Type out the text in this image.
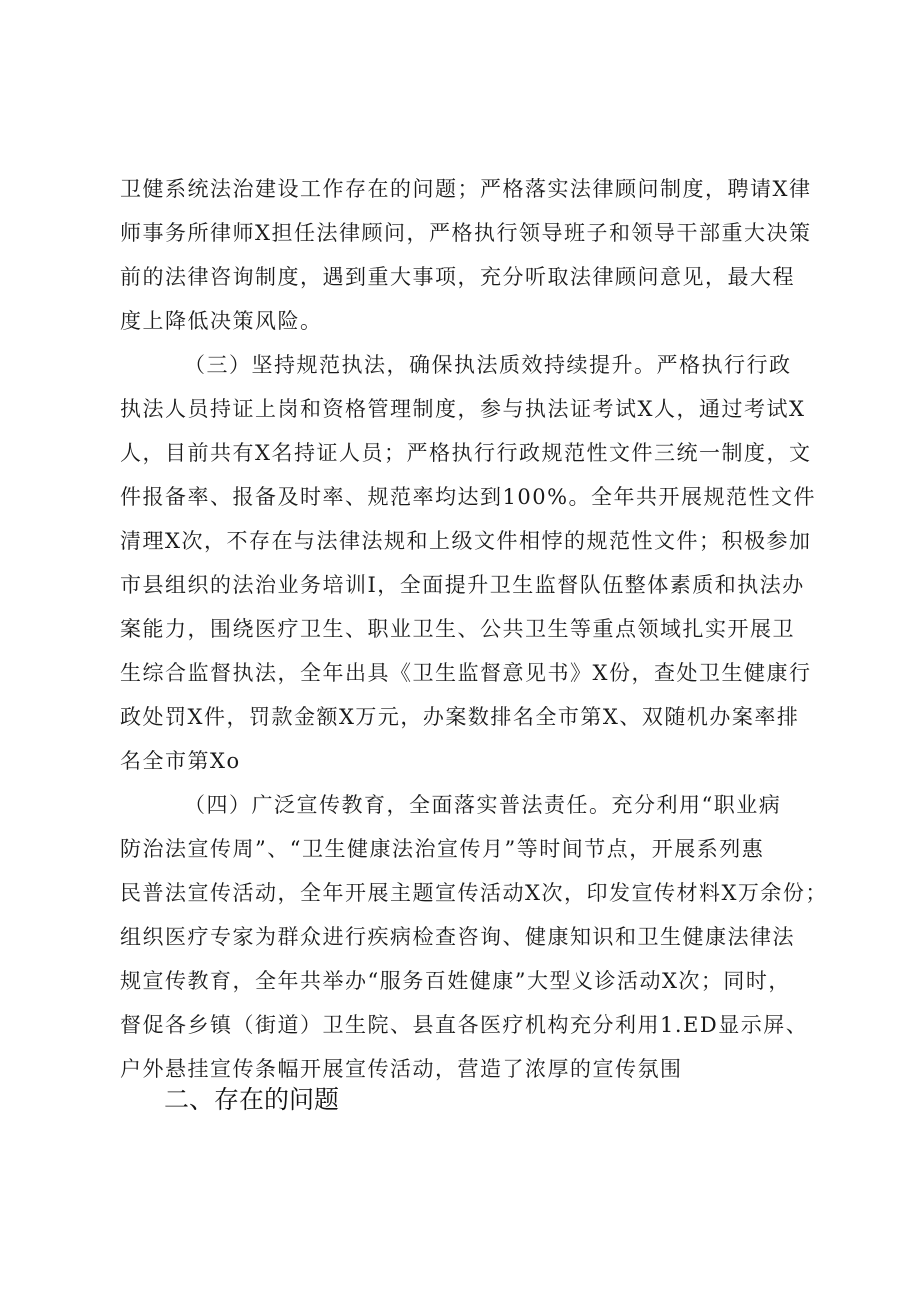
卫健系统法治建设工作存在的问题；严格落实法律顾问制度，聘请X律
师事务所律师X担任法律顾问，严格执行领导班子和领导干部重大决策
前的法律咨询制度，遇到重大事项，充分听取法律顾问意见，最大程
度上降低决策风险。
（三）坚持规范执法，确保执法质效持续提升。严格执行行政
执法人员持证上岗和资格管理制度，参与执法证考试X人，通过考试X
人，目前共有X名持证人员；严格执行行政规范性文件三统一制度，文
件报备率、报备及时率、规范率均达到100%。全年共开展规范性文件
清理X次，不存在与法律法规和上级文件相悖的规范性文件；积极参加
市县组织的法治业务培训I，全面提升卫生监督队伍整体素质和执法办
案能力，围绕医疗卫生、职业卫生、公共卫生等重点领域扎实开展卫
生综合监督执法，全年出具《卫生监督意见书》X份，查处卫生健康行
政处罚X件，罚款金额X万元，办案数排名全市第X、双随机办案率排
名全市第Xo
（四）广泛宣传教育，全面落实普法责任。充分利用“职业病
防治法宣传周”、“卫生健康法治宣传月”等时间节点，开展系列惠
民普法宣传活动，全年开展主题宣传活动X次，印发宣传材料X万余份；
组织医疗专家为群众进行疾病检查咨询、健康知识和卫生健康法律法
规宣传教育，全年共举办“服务百姓健康”大型义诊活动X次；同时，
督促各乡镇（街道）卫生院、县直各医疗机构充分利用1.ED显示屏、
户外悬挂宣传条幅开展宣传活动，营造了浓厚的宣传氛围
二、存在的问题
